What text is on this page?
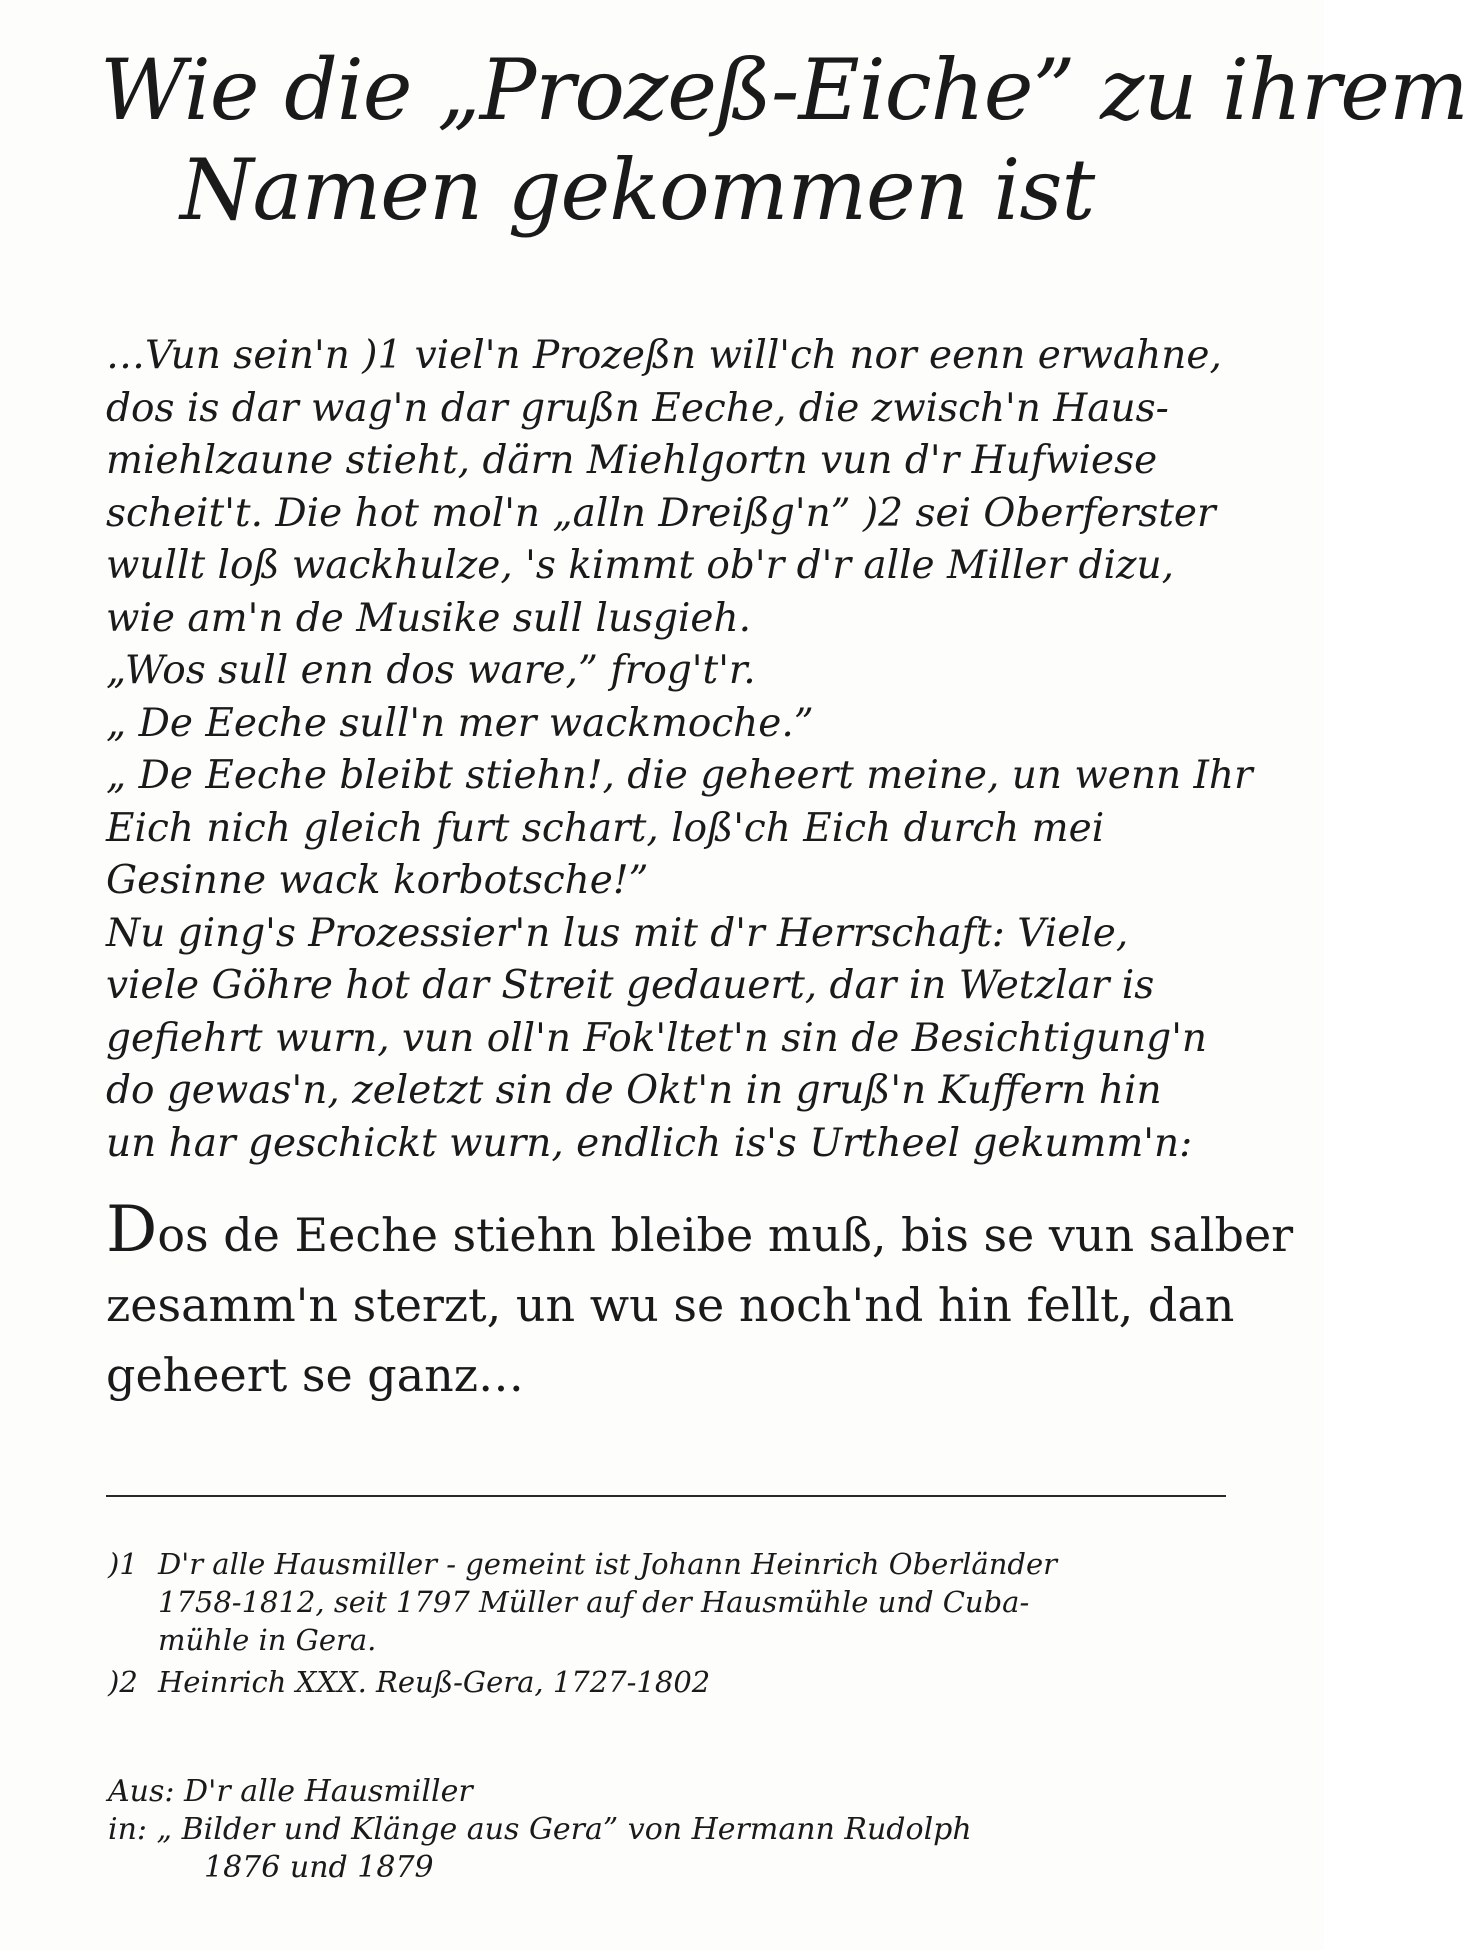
Wie die „Prozeß-Eiche” zu ihrem
Namen gekommen ist
…Vun sein'n )1 viel'n Prozeßn will'ch nor eenn erwahne,
dos is dar wag'n dar grußn Eeche, die zwisch'n Haus-
miehlzaune stieht, därn Miehlgortn vun d'r Hufwiese
scheit't. Die hot mol'n „alln Dreißg'n” )2 sei Oberferster
wullt loß wackhulze, 's kimmt ob'r d'r alle Miller dizu,
wie am'n de Musike sull lusgieh.
„Wos sull enn dos ware,” frog't'r.
„ De Eeche sull'n mer wackmoche.”
„ De Eeche bleibt stiehn!, die geheert meine, un wenn Ihr
Eich nich gleich furt schart, loß'ch Eich durch mei
Gesinne wack korbotsche!”
Nu ging's Prozessier'n lus mit d'r Herrschaft: Viele,
viele Göhre hot dar Streit gedauert, dar in Wetzlar is
gefiehrt wurn, vun oll'n Fok'ltet'n sin de Besichtigung'n
do gewas'n, zeletzt sin de Okt'n in gruß'n Kuffern hin
un har geschickt wurn, endlich is's Urtheel gekumm'n:
Dos de Eeche stiehn bleibe muß, bis se vun salber
zesamm'n sterzt, un wu se noch'nd hin fellt, dan
geheert se ganz…
)1 D'r alle Hausmiller - gemeint ist Johann Heinrich Oberländer
1758-1812, seit 1797 Müller auf der Hausmühle und Cuba-
mühle in Gera.
)2 Heinrich XXX. Reuß-Gera, 1727-1802
Aus: D'r alle Hausmiller
in: „ Bilder und Klänge aus Gera” von Hermann Rudolph
1876 und 1879
